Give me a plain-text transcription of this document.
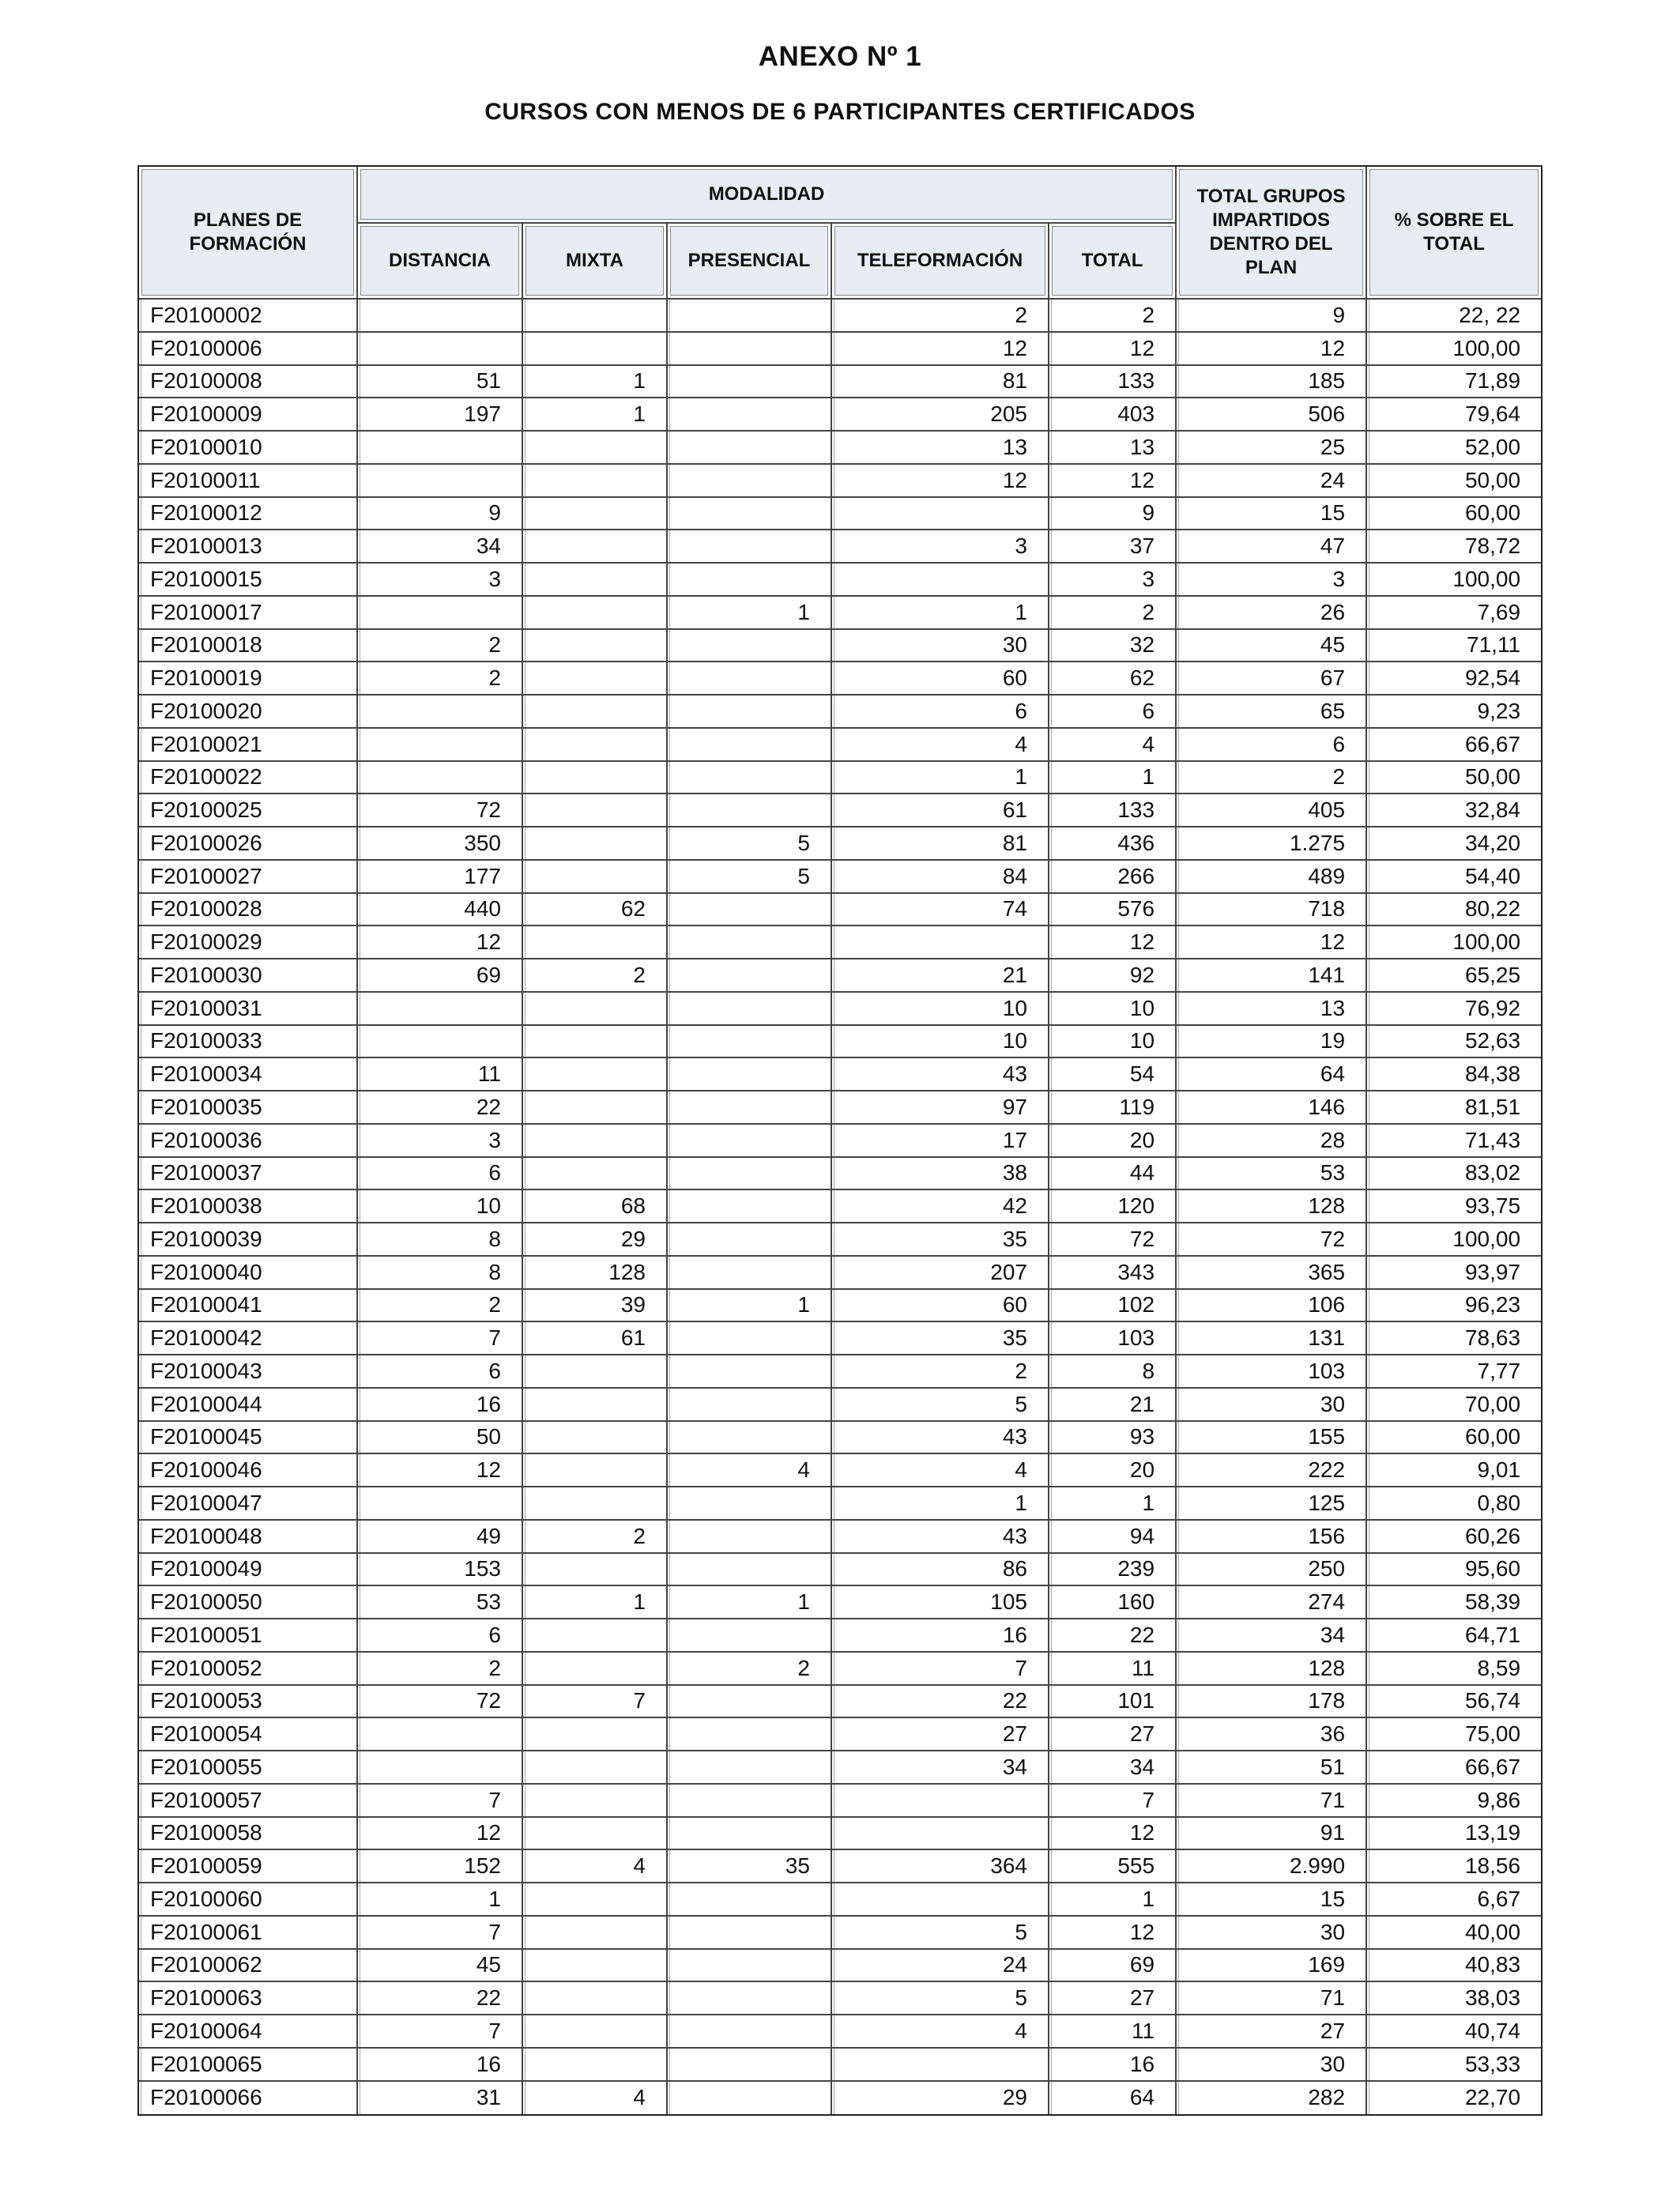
ANEXO Nº 1
CURSOS CON MENOS DE 6 PARTICIPANTES CERTIFICADOS
PLANES DE FORMACIÓN	MODALIDAD					TOTAL GRUPOS IMPARTIDOS DENTRO DEL PLAN	% SOBRE EL TOTAL
	DISTANCIA	MIXTA	PRESENCIAL	TELEFORMACIÓN	TOTAL		
F20100002				2	2	9	22, 22
F20100006				12	12	12	100,00
F20100008	51	1		81	133	185	71,89
F20100009	197	1		205	403	506	79,64
F20100010				13	13	25	52,00
F20100011				12	12	24	50,00
F20100012	9				9	15	60,00
F20100013	34			3	37	47	78,72
F20100015	3				3	3	100,00
F20100017			1	1	2	26	7,69
F20100018	2			30	32	45	71,11
F20100019	2			60	62	67	92,54
F20100020				6	6	65	9,23
F20100021				4	4	6	66,67
F20100022				1	1	2	50,00
F20100025	72			61	133	405	32,84
F20100026	350		5	81	436	1.275	34,20
F20100027	177		5	84	266	489	54,40
F20100028	440	62		74	576	718	80,22
F20100029	12				12	12	100,00
F20100030	69	2		21	92	141	65,25
F20100031				10	10	13	76,92
F20100033				10	10	19	52,63
F20100034	11			43	54	64	84,38
F20100035	22			97	119	146	81,51
F20100036	3			17	20	28	71,43
F20100037	6			38	44	53	83,02
F20100038	10	68		42	120	128	93,75
F20100039	8	29		35	72	72	100,00
F20100040	8	128		207	343	365	93,97
F20100041	2	39	1	60	102	106	96,23
F20100042	7	61		35	103	131	78,63
F20100043	6			2	8	103	7,77
F20100044	16			5	21	30	70,00
F20100045	50			43	93	155	60,00
F20100046	12		4	4	20	222	9,01
F20100047				1	1	125	0,80
F20100048	49	2		43	94	156	60,26
F20100049	153			86	239	250	95,60
F20100050	53	1	1	105	160	274	58,39
F20100051	6			16	22	34	64,71
F20100052	2		2	7	11	128	8,59
F20100053	72	7		22	101	178	56,74
F20100054				27	27	36	75,00
F20100055				34	34	51	66,67
F20100057	7				7	71	9,86
F20100058	12				12	91	13,19
F20100059	152	4	35	364	555	2.990	18,56
F20100060	1				1	15	6,67
F20100061	7			5	12	30	40,00
F20100062	45			24	69	169	40,83
F20100063	22			5	27	71	38,03
F20100064	7			4	11	27	40,74
F20100065	16				16	30	53,33
F20100066	31	4		29	64	282	22,70
